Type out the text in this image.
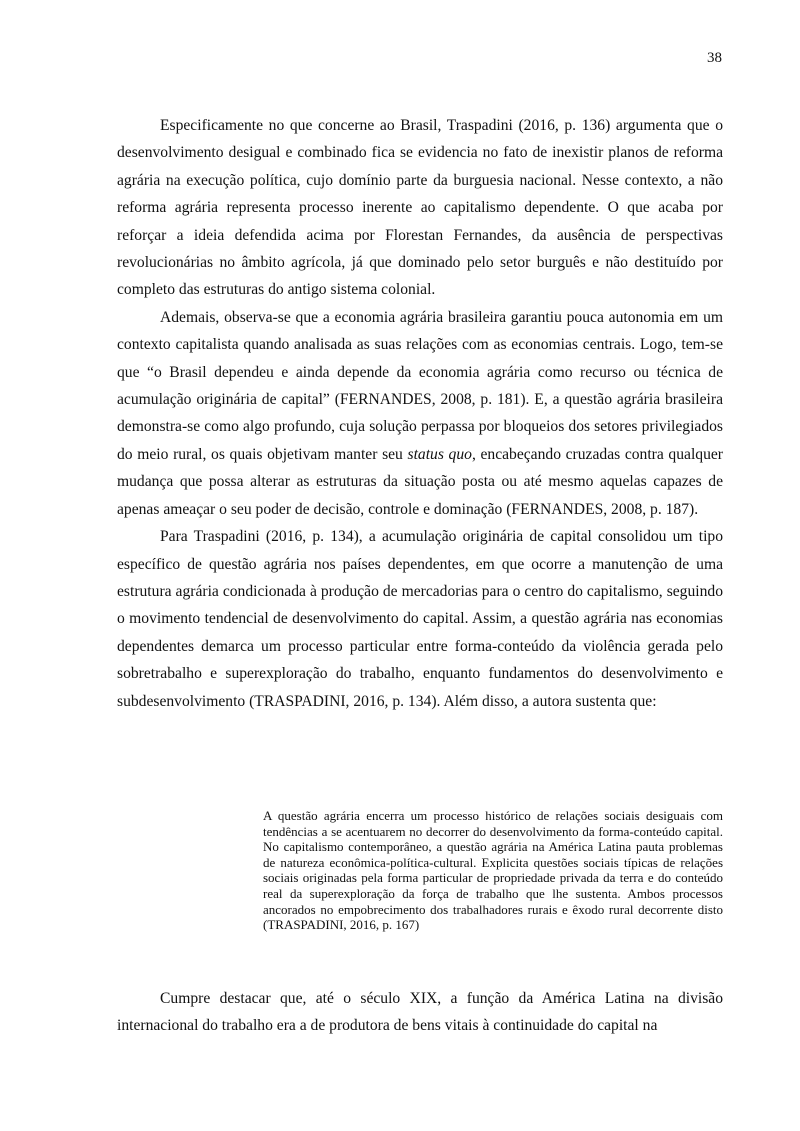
38

Especificamente no que concerne ao Brasil, Traspadini (2016, p. 136) argumenta que o desenvolvimento desigual e combinado fica se evidencia no fato de inexistir planos de reforma agrária na execução política, cujo domínio parte da burguesia nacional. Nesse contexto, a não reforma agrária representa processo inerente ao capitalismo dependente. O que acaba por reforçar a ideia defendida acima por Florestan Fernandes, da ausência de perspectivas revolucionárias no âmbito agrícola, já que dominado pelo setor burguês e não destituído por completo das estruturas do antigo sistema colonial.

Ademais, observa-se que a economia agrária brasileira garantiu pouca autonomia em um contexto capitalista quando analisada as suas relações com as economias centrais. Logo, tem-se que “o Brasil dependeu e ainda depende da economia agrária como recurso ou técnica de acumulação originária de capital” (FERNANDES, 2008, p. 181). E, a questão agrária brasileira demonstra-se como algo profundo, cuja solução perpassa por bloqueios dos setores privilegiados do meio rural, os quais objetivam manter seu status quo, encabeçando cruzadas contra qualquer mudança que possa alterar as estruturas da situação posta ou até mesmo aquelas capazes de apenas ameaçar o seu poder de decisão, controle e dominação (FERNANDES, 2008, p. 187).

Para Traspadini (2016, p. 134), a acumulação originária de capital consolidou um tipo específico de questão agrária nos países dependentes, em que ocorre a manutenção de uma estrutura agrária condicionada à produção de mercadorias para o centro do capitalismo, seguindo o movimento tendencial de desenvolvimento do capital. Assim, a questão agrária nas economias dependentes demarca um processo particular entre forma-conteúdo da violência gerada pelo sobretrabalho e superexploração do trabalho, enquanto fundamentos do desenvolvimento e subdesenvolvimento (TRASPADINI, 2016, p. 134). Além disso, a autora sustenta que:

A questão agrária encerra um processo histórico de relações sociais desiguais com tendências a se acentuarem no decorrer do desenvolvimento da forma-conteúdo capital. No capitalismo contemporâneo, a questão agrária na América Latina pauta problemas de natureza econômica-política-cultural. Explicita questões sociais típicas de relações sociais originadas pela forma particular de propriedade privada da terra e do conteúdo real da superexploração da força de trabalho que lhe sustenta. Ambos processos ancorados no empobrecimento dos trabalhadores rurais e êxodo rural decorrente disto (TRASPADINI, 2016, p. 167)

Cumpre destacar que, até o século XIX, a função da América Latina na divisão internacional do trabalho era a de produtora de bens vitais à continuidade do capital na
